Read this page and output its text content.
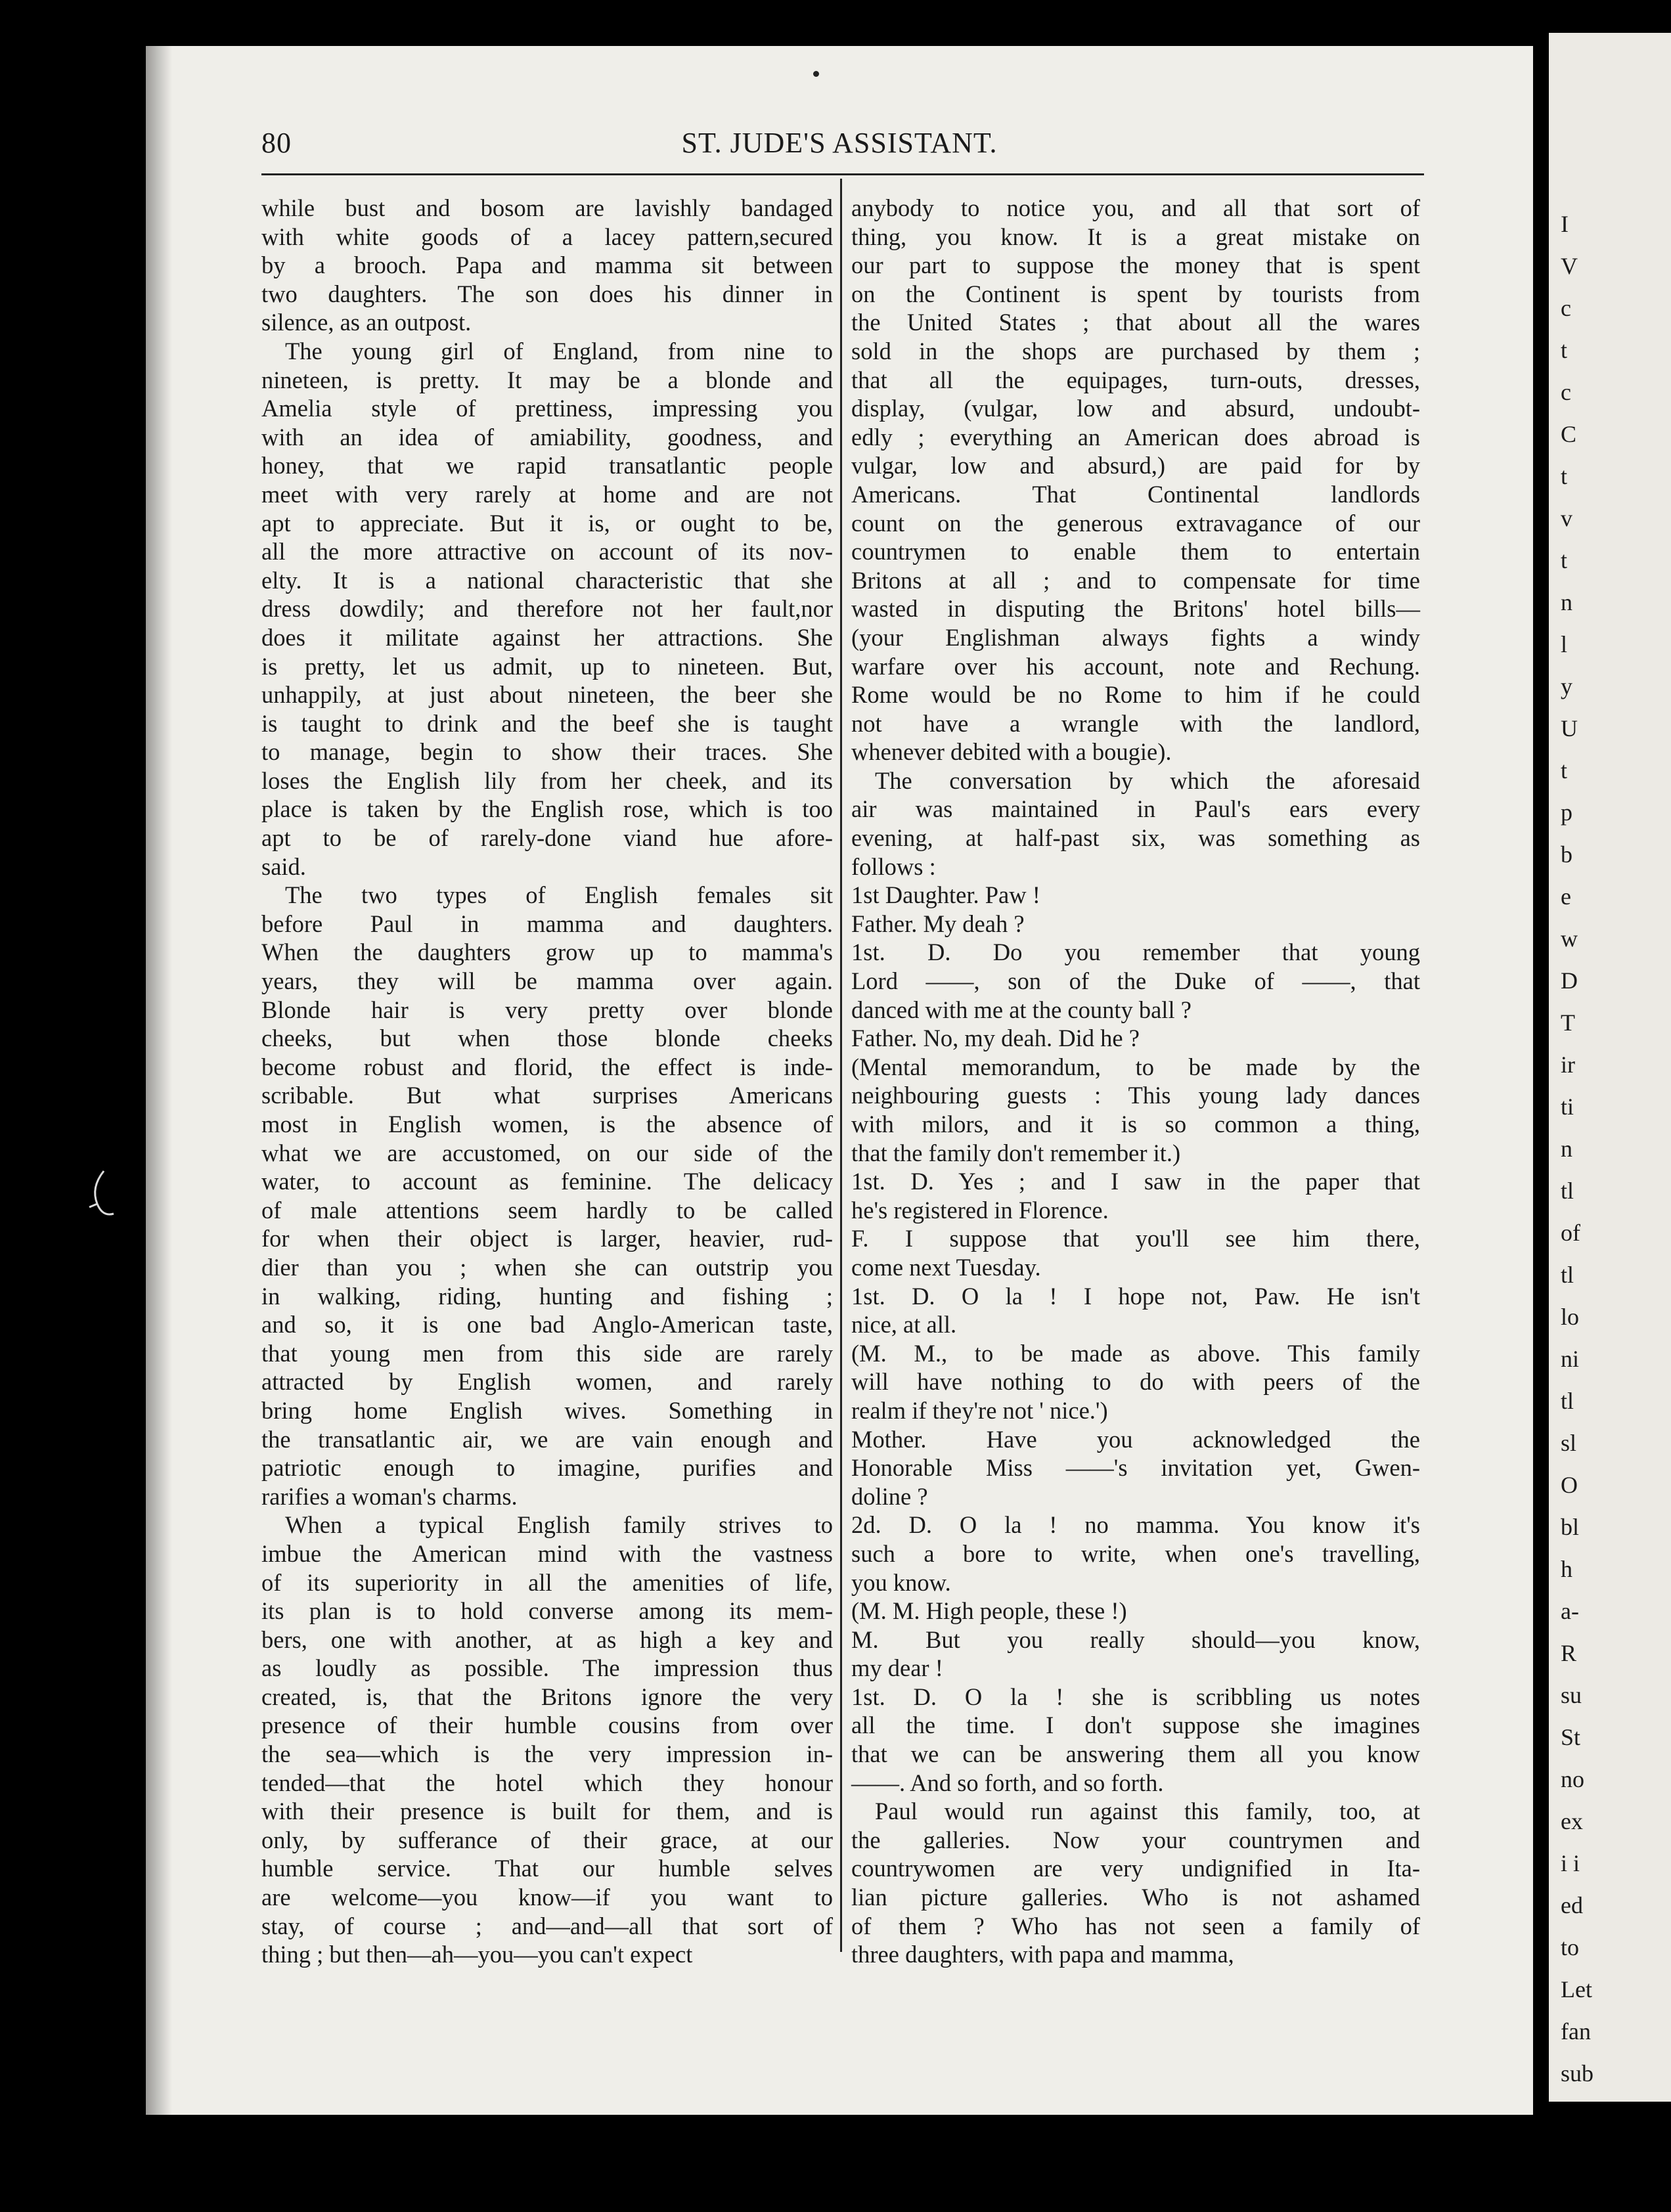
80	ST. JUDE'S ASSISTANT.
while bust and bosom are lavishly bandaged
with white goods of a lacey pattern,secured
by a brooch. Papa and mamma sit between
two daughters. The son does his dinner in
silence, as an outpost.
The young girl of England, from nine to
nineteen, is pretty. It may be a blonde and
Amelia style of prettiness, impressing you
with an idea of amiability, goodness, and
honey, that we rapid transatlantic people
meet with very rarely at home and are not
apt to appreciate. But it is, or ought to be,
all the more attractive on account of its nov-
elty. It is a national characteristic that she
dress dowdily; and therefore not her fault,nor
does it militate against her attractions. She
is pretty, let us admit, up to nineteen. But,
unhappily, at just about nineteen, the beer she
is taught to drink and the beef she is taught
to manage, begin to show their traces. She
loses the English lily from her cheek, and its
place is taken by the English rose, which is too
apt to be of rarely-done viand hue afore-
said.
The two types of English females sit
before Paul in mamma and daughters.
When the daughters grow up to mamma's
years, they will be mamma over again.
Blonde hair is very pretty over blonde
cheeks, but when those blonde cheeks
become robust and florid, the effect is inde-
scribable. But what surprises Americans
most in English women, is the absence of
what we are accustomed, on our side of the
water, to account as feminine. The delicacy
of male attentions seem hardly to be called
for when their object is larger, heavier, rud-
dier than you ; when she can outstrip you
in walking, riding, hunting and fishing ;
and so, it is one bad Anglo-American taste,
that young men from this side are rarely
attracted by English women, and rarely
bring home English wives. Something in
the transatlantic air, we are vain enough and
patriotic enough to imagine, purifies and
rarifies a woman's charms.
When a typical English family strives to
imbue the American mind with the vastness
of its superiority in all the amenities of life,
its plan is to hold converse among its mem-
bers, one with another, at as high a key and
as loudly as possible. The impression thus
created, is, that the Britons ignore the very
presence of their humble cousins from over
the sea—which is the very impression in-
tended—that the hotel which they honour
with their presence is built for them, and is
only, by sufferance of their grace, at our
humble service. That our humble selves
are welcome—you know—if you want to
stay, of course ; and—and—all that sort of
thing ; but then—ah—you—you can't expect
anybody to notice you, and all that sort of
thing, you know. It is a great mistake on
our part to suppose the money that is spent
on the Continent is spent by tourists from
the United States ; that about all the wares
sold in the shops are purchased by them ;
that all the equipages, turn-outs, dresses,
display, (vulgar, low and absurd, undoubt-
edly ; everything an American does abroad is
vulgar, low and absurd,) are paid for by
Americans. That Continental landlords
count on the generous extravagance of our
countrymen to enable them to entertain
Britons at all ; and to compensate for time
wasted in disputing the Britons' hotel bills—
(your Englishman always fights a windy
warfare over his account, note and Rechung.
Rome would be no Rome to him if he could
not have a wrangle with the landlord,
whenever debited with a bougie).
The conversation by which the aforesaid
air was maintained in Paul's ears every
evening, at half-past six, was something as
follows :
1st Daughter. Paw !
Father. My deah ?
1st. D. Do you remember that young
Lord ——, son of the Duke of ——, that
danced with me at the county ball ?
Father. No, my deah. Did he ?
(Mental memorandum, to be made by the
neighbouring guests : This young lady dances
with milors, and it is so common a thing,
that the family don't remember it.)
1st. D. Yes ; and I saw in the paper that
he's registered in Florence.
F. I suppose that you'll see him there,
come next Tuesday.
1st. D. O la ! I hope not, Paw. He isn't
nice, at all.
(M. M., to be made as above. This family
will have nothing to do with peers of the
realm if they're not ' nice.')
Mother. Have you acknowledged the
Honorable Miss ——'s invitation yet, Gwen-
doline ?
2d. D. O la ! no mamma. You know it's
such a bore to write, when one's travelling,
you know.
(M. M. High people, these !)
M. But you really should—you know,
my dear !
1st. D. O la ! she is scribbling us notes
all the time. I don't suppose she imagines
that we can be answering them all you know
——. And so forth, and so forth.
Paul would run against this family, too, at
the galleries. Now your countrymen and
countrywomen are very undignified in Ita-
lian picture galleries. Who is not ashamed
of them ? Who has not seen a family of
three daughters, with papa and mamma,
I
V
c
t
c
C
t
v
t
n
l
y
U
t
p
b
e
w
D
T
ir
ti
n
tl
of
tl
lo
ni
tl
sl
O
bl
h
a-
R
su
St
no
ex
i i
ed
to
Let
fan
sub
